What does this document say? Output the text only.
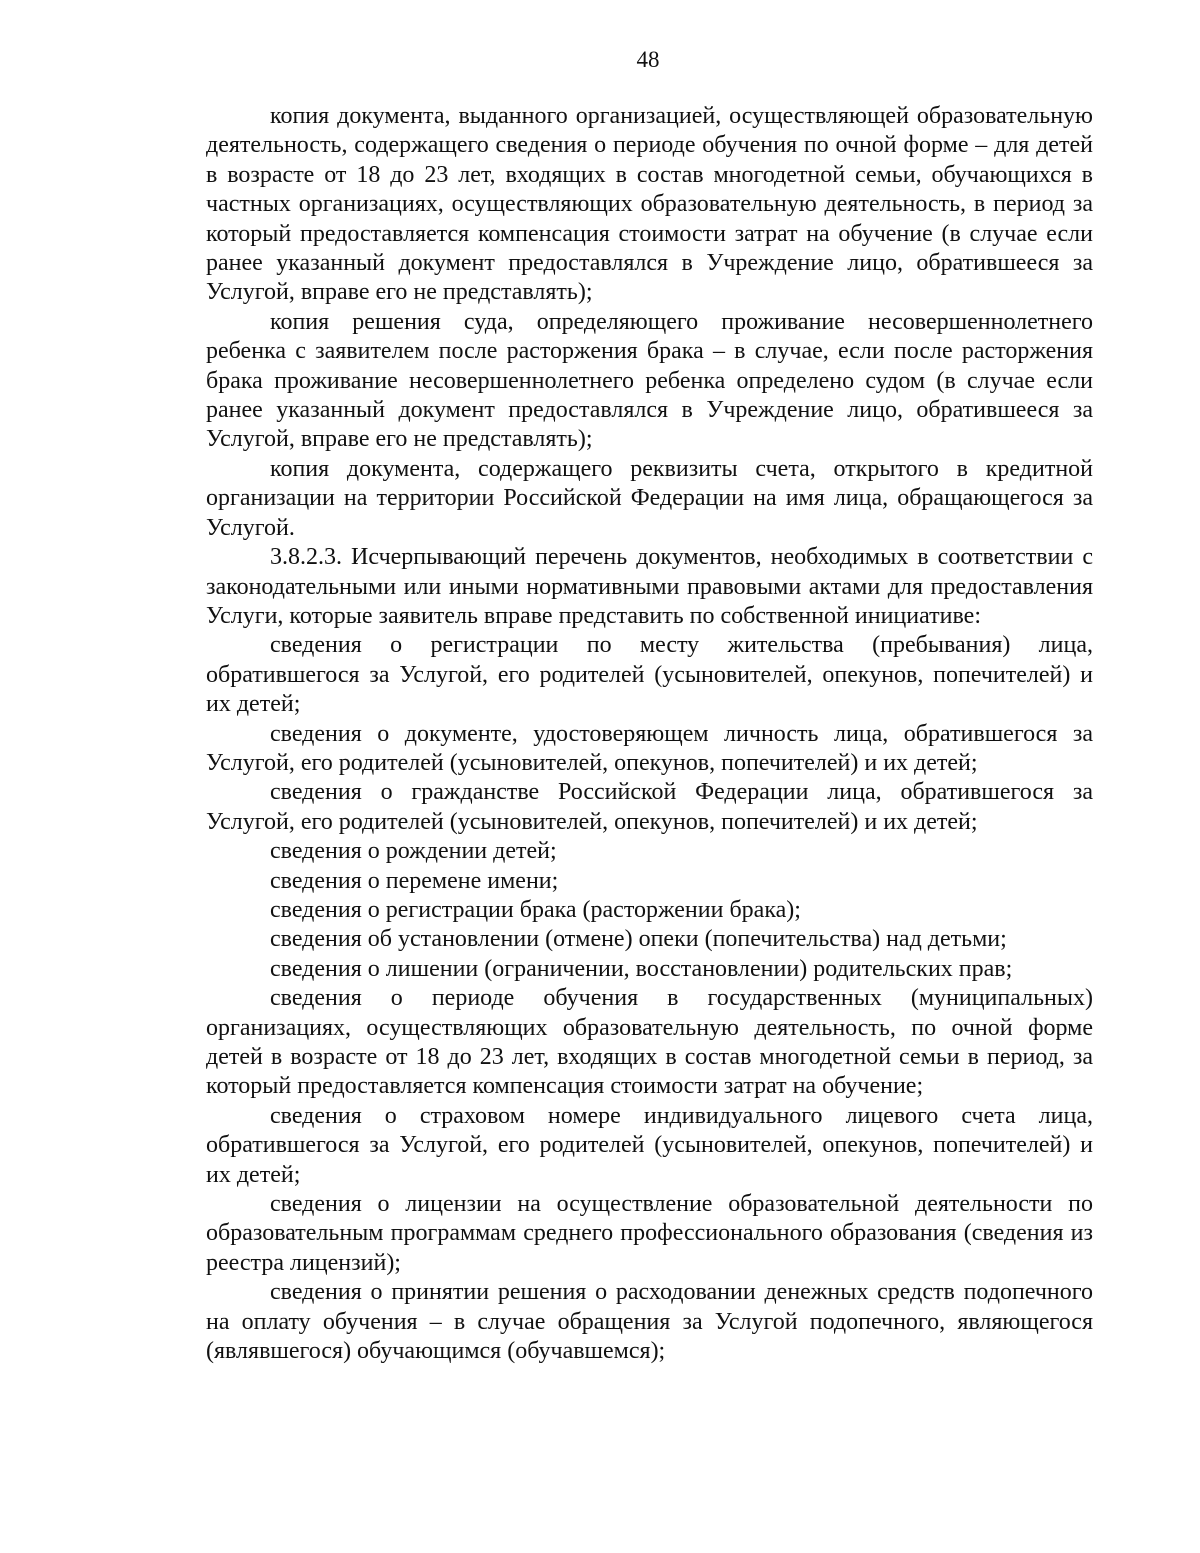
48

копия документа, выданного организацией, осуществляющей образовательную деятельность, содержащего сведения о периоде обучения по очной форме – для детей в возрасте от 18 до 23 лет, входящих в состав многодетной семьи, обучающихся в частных организациях, осуществляющих образовательную деятельность, в период за который предоставляется компенсация стоимости затрат на обучение (в случае если ранее указанный документ предоставлялся в Учреждение лицо, обратившееся за Услугой, вправе его не представлять);

копия решения суда, определяющего проживание несовершеннолетнего ребенка с заявителем после расторжения брака – в случае, если после расторжения брака проживание несовершеннолетнего ребенка определено судом (в случае если ранее указанный документ предоставлялся в Учреждение лицо, обратившееся за Услугой, вправе его не представлять);

копия документа, содержащего реквизиты счета, открытого в кредитной организации на территории Российской Федерации на имя лица, обращающегося за Услугой.

3.8.2.3. Исчерпывающий перечень документов, необходимых в соответствии с законодательными или иными нормативными правовыми актами для предоставления Услуги, которые заявитель вправе представить по собственной инициативе:

сведения о регистрации по месту жительства (пребывания) лица, обратившегося за Услугой, его родителей (усыновителей, опекунов, попечителей) и их детей;

сведения о документе, удостоверяющем личность лица, обратившегося за Услугой, его родителей (усыновителей, опекунов, попечителей) и их детей;

сведения о гражданстве Российской Федерации лица, обратившегося за Услугой, его родителей (усыновителей, опекунов, попечителей) и их детей;

сведения о рождении детей;

сведения о перемене имени;

сведения о регистрации брака (расторжении брака);

сведения об установлении (отмене) опеки (попечительства) над детьми;

сведения о лишении (ограничении, восстановлении) родительских прав;

сведения о периоде обучения в государственных (муниципальных) организациях, осуществляющих образовательную деятельность, по очной форме детей в возрасте от 18 до 23 лет, входящих в состав многодетной семьи в период, за который предоставляется компенсация стоимости затрат на обучение;

сведения о страховом номере индивидуального лицевого счета лица, обратившегося за Услугой, его родителей (усыновителей, опекунов, попечителей) и их детей;

сведения о лицензии на осуществление образовательной деятельности по образовательным программам среднего профессионального образования (сведения из реестра лицензий);

сведения о принятии решения о расходовании денежных средств подопечного на оплату обучения – в случае обращения за Услугой подопечного, являющегося (являвшегося) обучающимся (обучавшемся);
